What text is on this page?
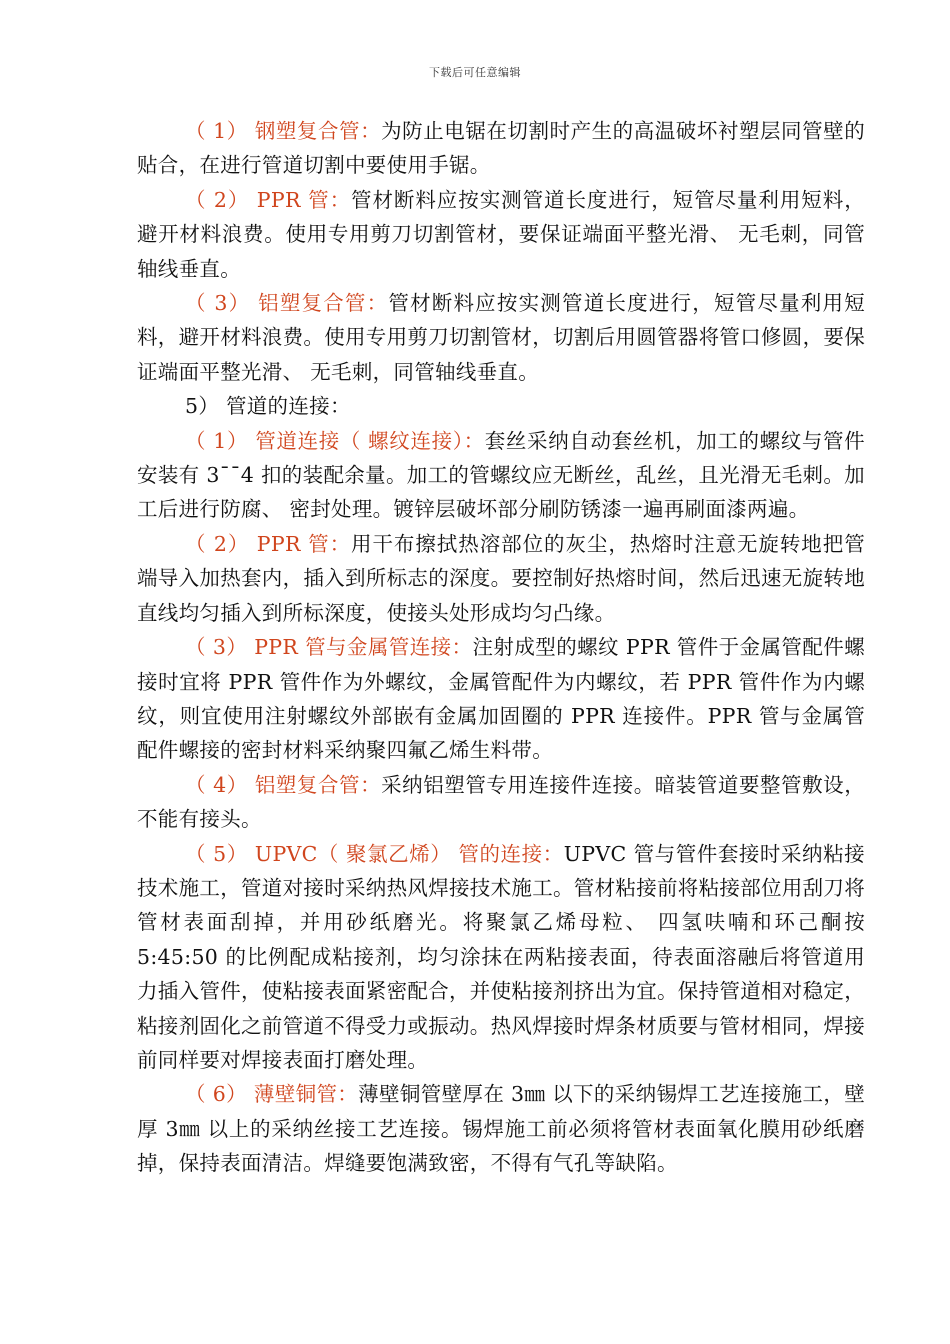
下载后可任意编辑

（ 1） 钢塑复合管：为防止电锯在切割时产生的高温破坏衬塑层同管壁的贴合，在进行管道切割中要使用手锯。

（ 2） PPR 管：管材断料应按实测管道长度进行，短管尽量利用短料，避开材料浪费。使用专用剪刀切割管材，要保证端面平整光滑、 无毛刺，同管轴线垂直。

（ 3） 铝塑复合管：管材断料应按实测管道长度进行，短管尽量利用短料，避开材料浪费。使用专用剪刀切割管材，切割后用圆管器将管口修圆，要保证端面平整光滑、 无毛刺，同管轴线垂直。

5） 管道的连接：

（ 1） 管道连接（ 螺纹连接）：套丝采纳自动套丝机，加工的螺纹与管件安装有 3¯¯4 扣的装配余量。加工的管螺纹应无断丝，乱丝，且光滑无毛刺。加工后进行防腐、 密封处理。镀锌层破坏部分刷防锈漆一遍再刷面漆两遍。

（ 2） PPR 管：用干布擦拭热溶部位的灰尘，热熔时注意无旋转地把管端导入加热套内，插入到所标志的深度。要控制好热熔时间，然后迅速无旋转地直线均匀插入到所标深度，使接头处形成均匀凸缘。

（ 3） PPR 管与金属管连接：注射成型的螺纹 PPR 管件于金属管配件螺接时宜将 PPR 管件作为外螺纹，金属管配件为内螺纹，若 PPR 管件作为内螺纹，则宜使用注射螺纹外部嵌有金属加固圈的 PPR 连接件。PPR 管与金属管配件螺接的密封材料采纳聚四氟乙烯生料带。

（ 4） 铝塑复合管：采纳铝塑管专用连接件连接。暗装管道要整管敷设，不能有接头。

（ 5） UPVC（ 聚氯乙烯） 管的连接：UPVC 管与管件套接时采纳粘接技术施工，管道对接时采纳热风焊接技术施工。管材粘接前将粘接部位用刮刀将管材表面刮掉，并用砂纸磨光。将聚氯乙烯母粒、 四氢呋喃和环己酮按 5:45:50 的比例配成粘接剂，均匀涂抹在两粘接表面，待表面溶融后将管道用力插入管件，使粘接表面紧密配合，并使粘接剂挤出为宜。保持管道相对稳定，粘接剂固化之前管道不得受力或振动。热风焊接时焊条材质要与管材相同，焊接前同样要对焊接表面打磨处理。

（ 6） 薄壁铜管：薄壁铜管壁厚在 3㎜ 以下的采纳锡焊工艺连接施工，壁厚 3㎜ 以上的采纳丝接工艺连接。锡焊施工前必须将管材表面氧化膜用砂纸磨掉，保持表面清洁。焊缝要饱满致密，不得有气孔等缺陷。
